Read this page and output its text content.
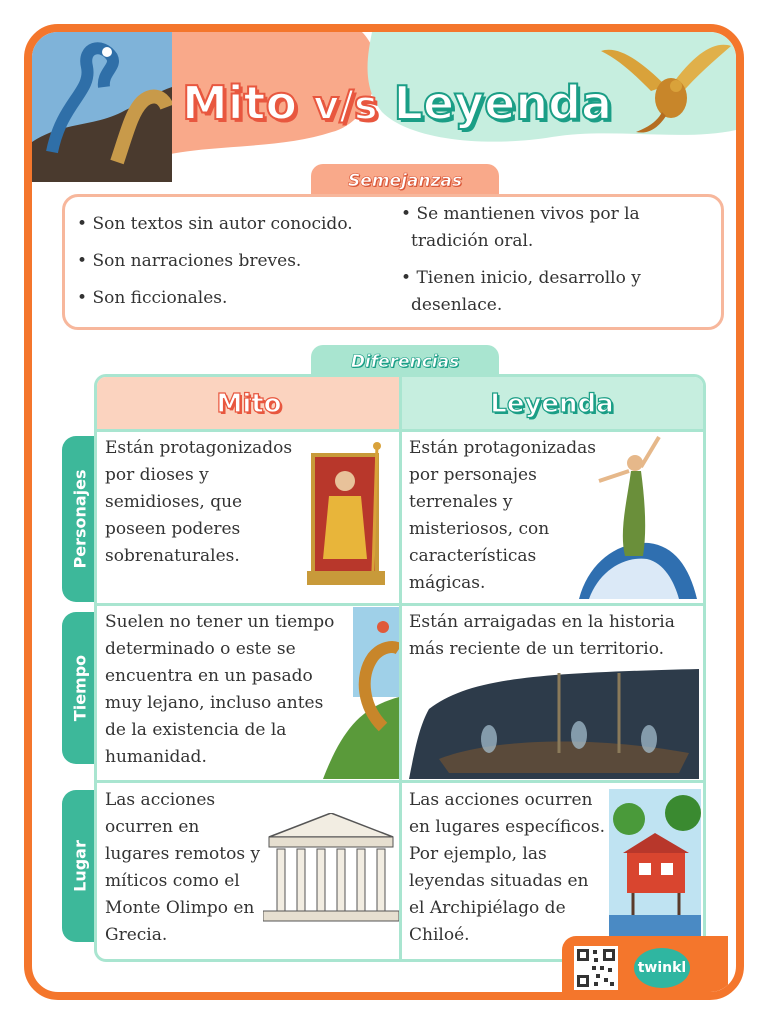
Mito v/s Leyenda
Semejanzas

• Son textos sin autor conocido.

• Son narraciones breves.

• Son ficcionales.

• Se mantienen vivos por la tradición oral.

• Tienen inicio, desarrollo y desenlace.

Diferencias
Personajes
Tiempo
Lugar
Mito	Leyenda
Están protagonizados por dioses y semidioses, que poseen poderes sobrenaturales.
Están protagonizadas por personajes terrenales y misteriosos, con características mágicas.
Suelen no tener un tiempo determinado o este se encuentra en un pasado muy lejano, incluso antes de la existencia de la humanidad.
Están arraigadas en la historia más reciente de un territorio.
Las acciones ocurren en lugares remotos y míticos como el Monte Olimpo en Grecia.
Las acciones ocurren en lugares específicos. Por ejemplo, las leyendas situadas en el Archipiélago de Chiloé.
twinkl
